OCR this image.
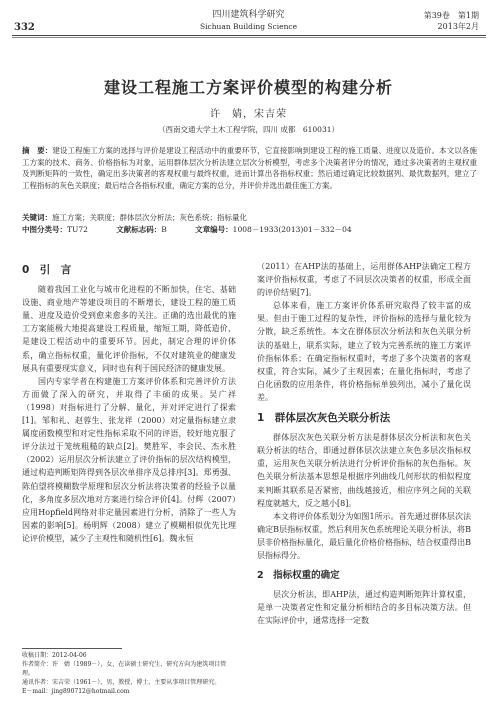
332
四川建筑科学研究
Sichuan Building Science
第39卷　第1期
2013年2月
建设工程施工方案评价模型的构建分析
许　婧，宋吉荣
（西南交通大学土木工程学院，四川 成都　610031）
摘　要：建设工程施工方案的选择与评价是建设工程活动中的重要环节，它直接影响到建设工程的施工质量、进度以及造价。本文以各施工方案的技术、商务、价格指标为对象，运用群体层次分析法建立层次分析模型，考虑多个决策者评分的情况，通过多决策者的主观权重及判断矩阵的一致性，确定出多决策者的客观权重与最终权重，进而计算出各指标权重；然后通过确定比较数据列、最优数据列，建立了工程指标的灰色关联度；最后结合各指标权重，确定方案的总分，并评价并选出最佳施工方案。
关键词：施工方案；关联度；群体层次分析法；灰色系统；指标量化
中图分类号：TU72	文献标志码：B	文章编号：1008－1933(2013)01－332－04
0　引　言

随着我国工业化与城市化进程的不断加快，住宅、基础设施、商业地产等建设项目的不断增长，建设工程的施工质量、进度及造价受到愈来愈多的关注。正确的选出最优的施工方案能极大地提高建设工程质量，缩短工期，降低造价，是建设工程活动中的重要环节。因此，制定合理的评价体系，确立指标权重，量化评价指标，不仅对建筑业的健康发展具有重要现实意义，同时也有利于国民经济的健康发展。

国内专家学者在构建施工方案评价体系和完善评价方法方面做了深入的研究，并取得了丰硕的成果。吴广祥（1998）对指标进行了分解、量化，并对评定进行了探索[1]。邹和礼、赵蓉生、张龙祥（2000）对定量指标建立隶属度函数模型和对定性指标采取不同的评语，较好地克服了评分法过于笼统粗糙的缺点[2]。樊胜军、李会民、杰永胜（2002）运用层次分析法建立了评价指标的层次结构模型，通过构造判断矩阵得到各层次单排序及总排序[3]。郑勇强、陈伯望将模糊数学原理和层次分析法将决策者的经验予以量化，多角度多层次地对方案进行综合评价[4]。付辉（2007）应用Hopfield网络对非定量因素进行分析，消除了一些人为因素的影响[5]。杨明辉（2008）建立了模糊相似优先比理论评价模型，减少了主观性和随机性[6]。魏永恒

（2011）在AHP法的基础上，运用群体AHP法确定工程方案评价指标权重，考虑了不同层次决策者的权重，形成全面的评价结果[7]。

总体来看，施工方案评价体系研究取得了较丰富的成果。但由于施工过程的复杂性，评价指标的选择与量化较为分散，缺乏系统性。本文在群体层次分析法和灰色关联分析法的基础上，联系实际，建立了较为完善系统的施工方案评价指标体系；在确定指标权重时，考虑了多个决策者的客观权重，符合实际，减少了主观因素；在量化指标时，考虑了白化函数的应用条件，将价格指标单独列出，减小了量化误差。

1　群体层次灰色关联分析法

群体层次灰色关联分析方法是群体层次分析法和灰色关联分析法的结合，即通过群体层次法建立灰色多层次指标权重，运用灰色关联分析法进行分析评价指标的灰色指标。灰色关联分析法基本思想是根据序列曲线几何形状的相似程度来判断其联系是否紧密，曲线越接近，相应序列之间的关联程度就越大，反之越小[8]。

本文将评价体系划分为如图1所示。首先通过群体层次法确定B层指标权重，然后利用灰色系统理论关联分析法，将B层非价格指标量化，最后量化价格价格指标，结合权重得出B层指标得分。

2　指标权重的确定

层次分析法，即AHP法，通过构造判断矩阵计算权重，是单一决策者定性和定量分析相结合的多目标决策方法。但在实际评价中，通常选择一定数

收稿日期：2012-04-06
作者简介：许　婧（1989－），女，在读硕士研究生，研究方向为建筑项目管理。
通讯作者：宋吉荣（1961－），男，教授，博士，主要从事项目管理研究。
E－mail：jing890712@hotmail.com
